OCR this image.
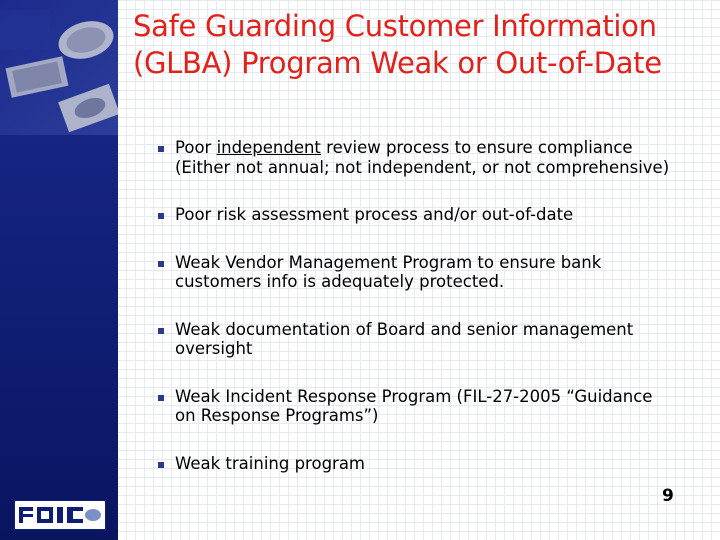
Safe Guarding Customer Information
(GLBA) Program Weak or Out-of-Date
Poor independent review process to ensure compliance
(Either not annual; not independent, or not comprehensive)
Poor risk assessment process and/or out-of-date
Weak Vendor Management Program to ensure bank
customers info is adequately protected.
Weak documentation of Board and senior management
oversight
Weak Incident Response Program (FIL-27-2005 “Guidance
on Response Programs”)
Weak training program
9
